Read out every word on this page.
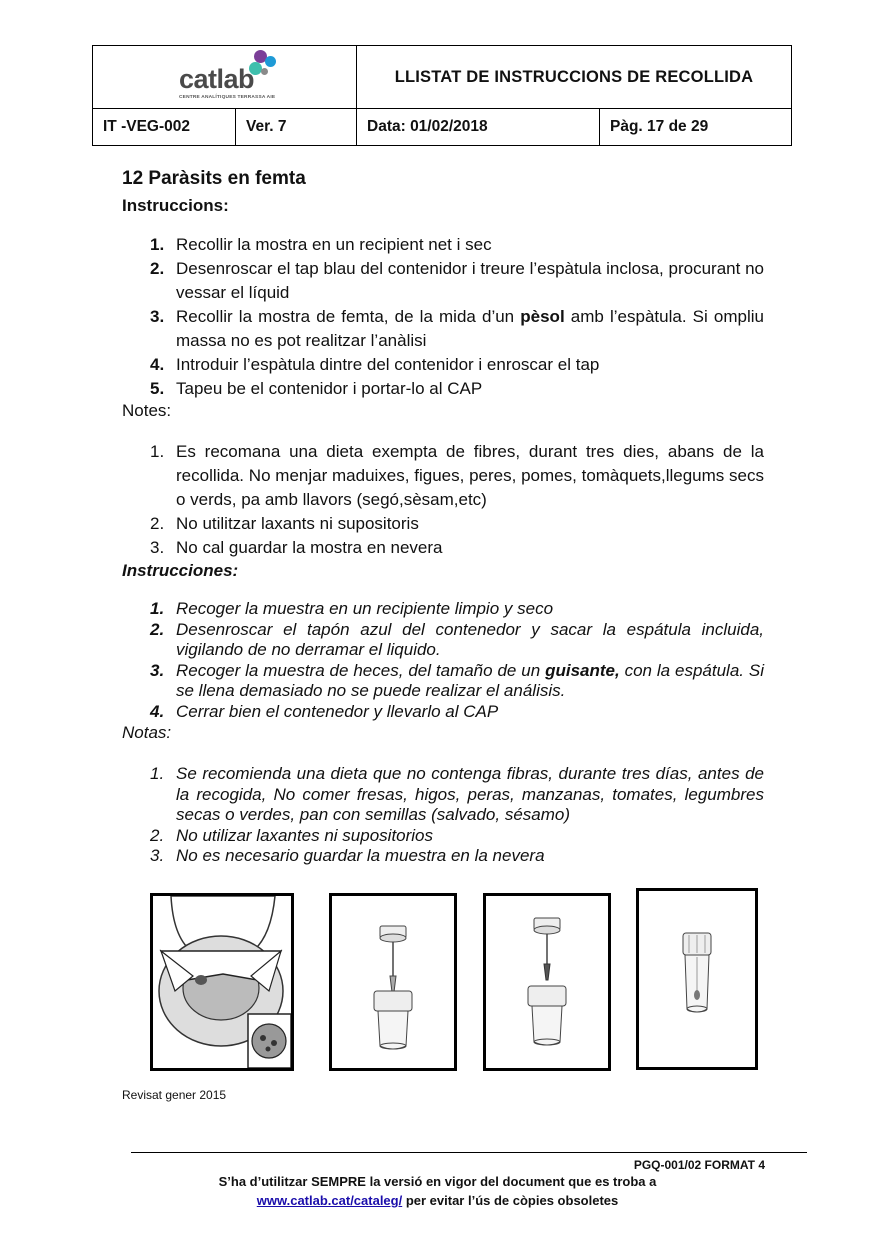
catlab
CENTRE ANALÍTIQUES TERRASSA AIE		LLISTAT DE INSTRUCCIONS DE RECOLLIDA	
IT -VEG-002	Ver. 7	Data: 01/02/2018	Pàg. 17 de 29
12 Paràsits en femta
Instruccions:
1. Recollir la mostra en un recipient net i sec
2. Desenroscar el tap blau del contenidor i treure l’espàtula inclosa, procurant no vessar el líquid
3. Recollir la mostra de femta, de la mida d’un pèsol amb l’espàtula. Si ompliu massa no es pot realitzar l’anàlisi
4. Introduir l’espàtula dintre del contenidor i enroscar el tap
5. Tapeu be el contenidor i portar-lo al CAP
Notes:
1. Es recomana una dieta exempta de fibres, durant tres dies, abans de la recollida. No menjar maduixes, figues, peres, pomes, tomàquets,llegums secs o verds, pa amb llavors (segó,sèsam,etc)
2. No utilitzar laxants ni supositoris
3. No cal guardar la mostra en nevera
Instrucciones:
1. Recoger la muestra en un recipiente limpio y seco
2. Desenroscar el tapón azul del contenedor y sacar la espátula incluida, vigilando de no derramar el liquido.
3. Recoger la muestra de heces, del tamaño de un guisante, con la espátula. Si se llena demasiado no se puede realizar el análisis.
4. Cerrar bien el contenedor y llevarlo al CAP
Notas:
1. Se recomienda una dieta que no contenga fibras, durante tres días, antes de la recogida, No comer fresas, higos, peras, manzanas, tomates, legumbres secas o verdes, pan con semillas (salvado, sésamo)
2. No utilizar laxantes ni supositorios
3. No es necesario guardar la muestra en la nevera
Revisat gener 2015
PGQ-001/02 FORMAT 4
S’ha d’utilitzar SEMPRE la versió en vigor del document que es troba a
www.catlab.cat/cataleg/ per evitar l’ús de còpies obsoletes
